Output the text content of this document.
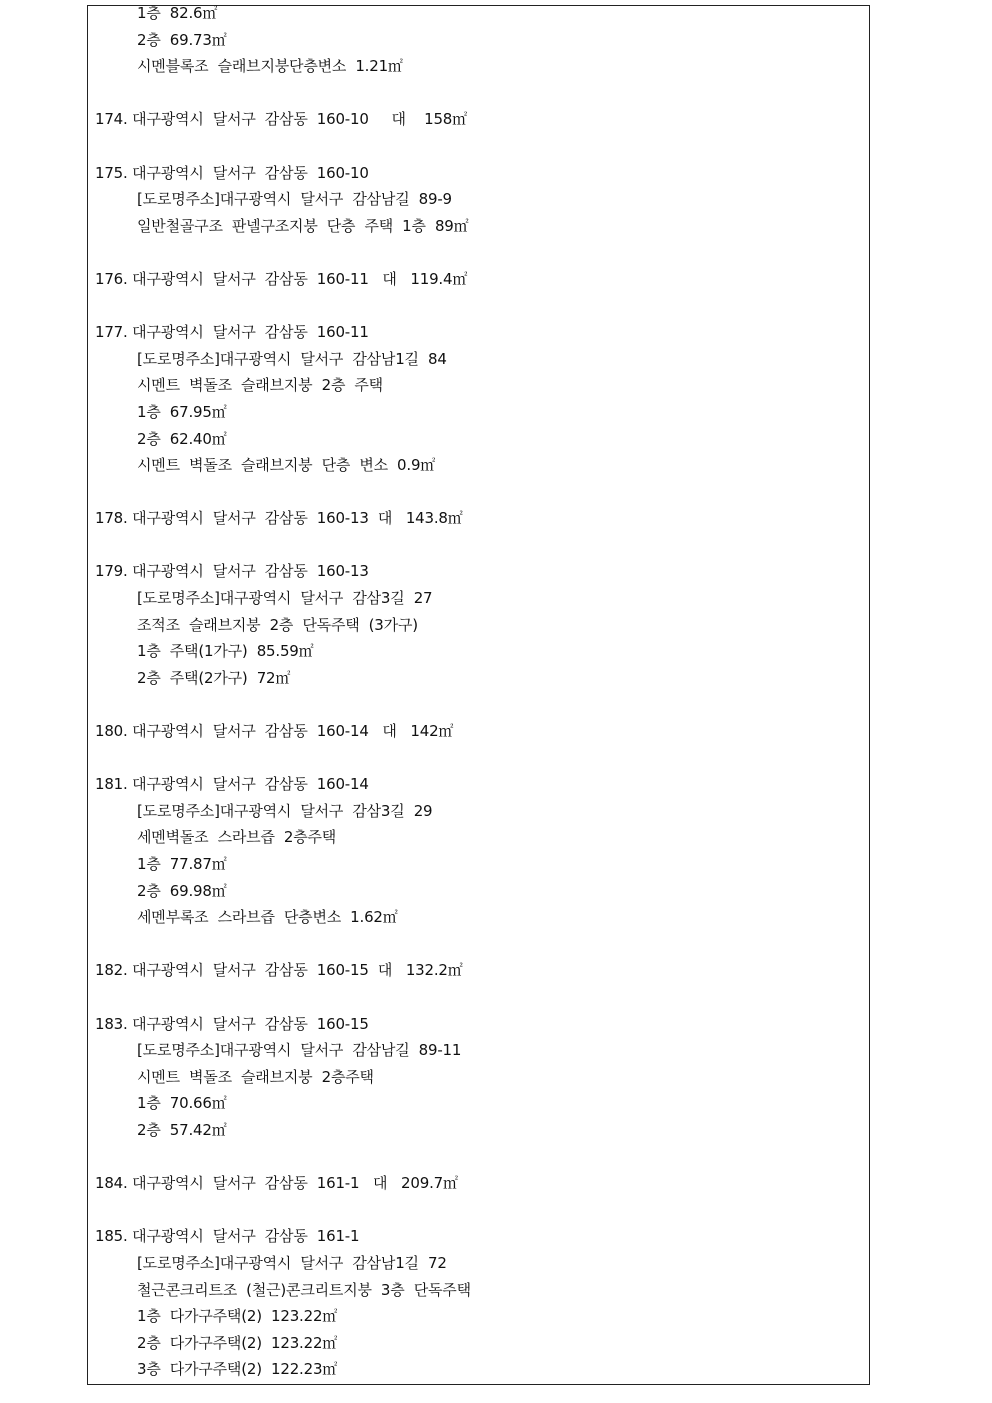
1층  82.6㎡
2층  69.73㎡
시멘블록조  슬래브지붕단층변소  1.21㎡
174. 대구광역시  달서구  감삼동  160-10     대    158㎡
175. 대구광역시  달서구  감삼동  160-10
[도로명주소]대구광역시  달서구  감삼남길  89-9
일반철골구조  판넬구조지붕  단층  주택  1층  89㎡
176. 대구광역시  달서구  감삼동  160-11   대   119.4㎡
177. 대구광역시  달서구  감삼동  160-11
[도로명주소]대구광역시  달서구  감삼남1길  84
시멘트  벽돌조  슬래브지붕  2층  주택
1층  67.95㎡
2층  62.40㎡
시멘트  벽돌조  슬래브지붕  단층  변소  0.9㎡
178. 대구광역시  달서구  감삼동  160-13  대   143.8㎡
179. 대구광역시  달서구  감삼동  160-13
[도로명주소]대구광역시  달서구  감삼3길  27
조적조  슬래브지붕  2층  단독주택  (3가구)
1층  주택(1가구)  85.59㎡
2층  주택(2가구)  72㎡
180. 대구광역시  달서구  감삼동  160-14   대   142㎡
181. 대구광역시  달서구  감삼동  160-14
[도로명주소]대구광역시  달서구  감삼3길  29
세멘벽돌조  스라브즙  2층주택
1층  77.87㎡
2층  69.98㎡
세멘부록조  스라브즙  단층변소  1.62㎡
182. 대구광역시  달서구  감삼동  160-15  대   132.2㎡
183. 대구광역시  달서구  감삼동  160-15
[도로명주소]대구광역시  달서구  감삼남길  89-11
시멘트  벽돌조  슬래브지붕  2층주택
1층  70.66㎡
2층  57.42㎡
184. 대구광역시  달서구  감삼동  161-1   대   209.7㎡
185. 대구광역시  달서구  감삼동  161-1
[도로명주소]대구광역시  달서구  감삼남1길  72
철근콘크리트조  (철근)콘크리트지붕  3층  단독주택
1층  다가구주택(2)  123.22㎡
2층  다가구주택(2)  123.22㎡
3층  다가구주택(2)  122.23㎡
